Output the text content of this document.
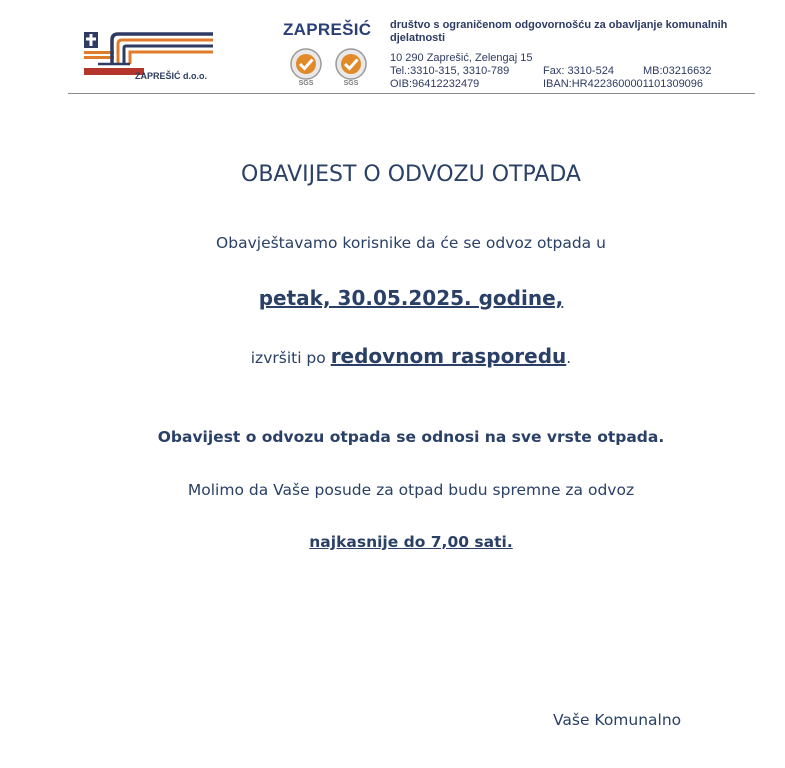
ZAPREŠIĆ d.o.o.
ZAPREŠIĆ
SGS	SGS
društvo s ograničenom odgovornošću za obavljanje komunalnih djelatnosti
10 290 Zaprešić, Zelengaj 15
Tel.:3310-315, 3310-789	Fax: 3310-524	MB:03216632
OIB:96412232479	IBAN:HR4223600001101309096
OBAVIJEST O ODVOZU OTPADA
Obavještavamo korisnike da će se odvoz otpada u
petak, 30.05.2025. godine,
izvršiti po redovnom rasporedu.
Obavijest o odvozu otpada se odnosi na sve vrste otpada.
Molimo da Vaše posude za otpad budu spremne za odvoz
najkasnije do 7,00 sati.
Vaše Komunalno
